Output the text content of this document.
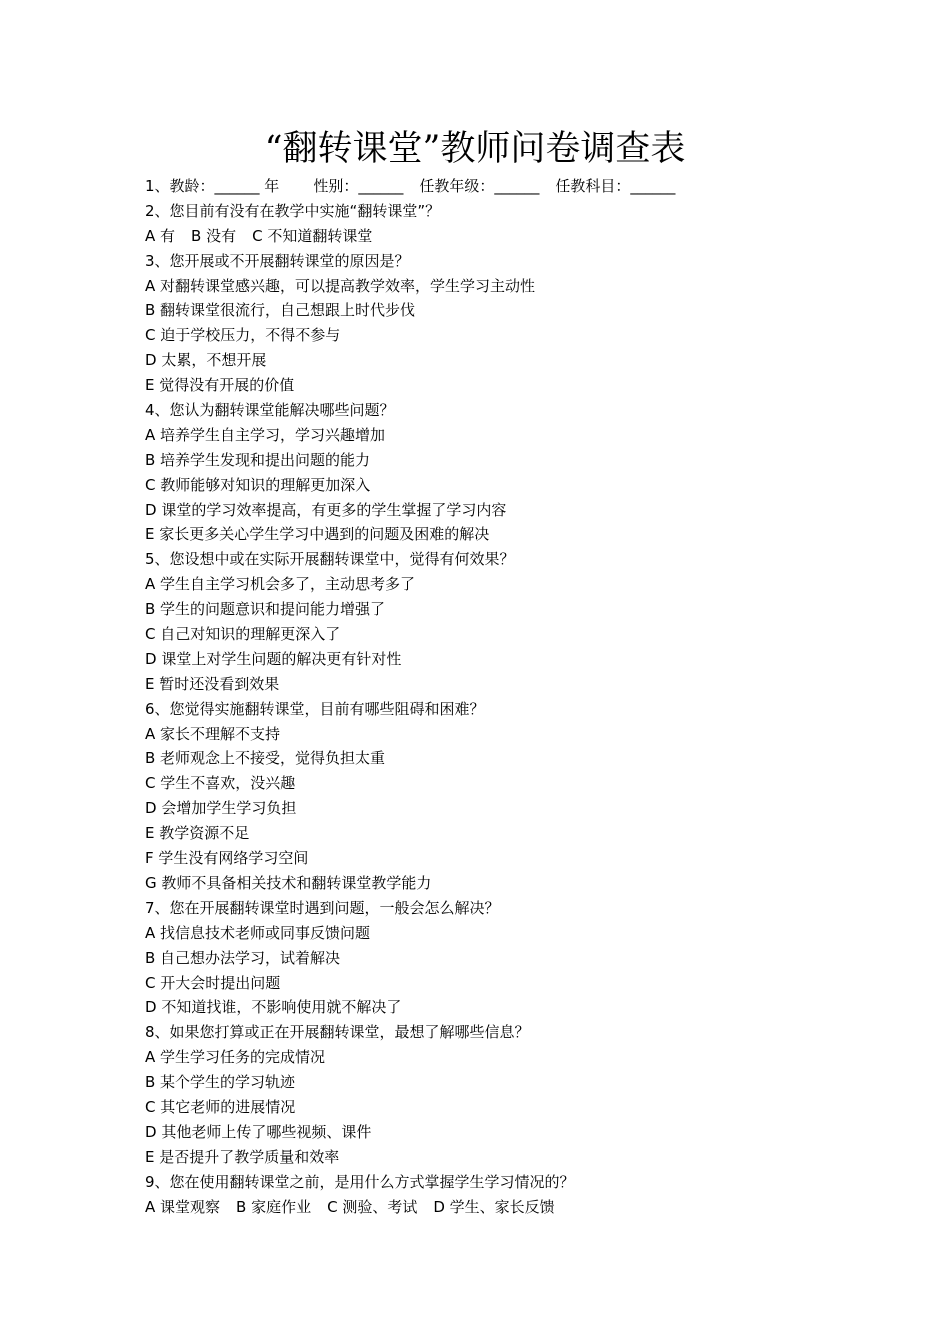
“翻转课堂”教师问卷调查表
1、教龄：______ 年 性别：______ 任教年级：______ 任教科目：______
2、您目前有没有在教学中实施“翻转课堂”？
A 有 B 没有 C 不知道翻转课堂
3、您开展或不开展翻转课堂的原因是？
A 对翻转课堂感兴趣，可以提高教学效率，学生学习主动性
B 翻转课堂很流行，自己想跟上时代步伐
C 迫于学校压力，不得不参与
D 太累，不想开展
E 觉得没有开展的价值
4、您认为翻转课堂能解决哪些问题？
A 培养学生自主学习，学习兴趣增加
B 培养学生发现和提出问题的能力
C 教师能够对知识的理解更加深入
D 课堂的学习效率提高，有更多的学生掌握了学习内容
E 家长更多关心学生学习中遇到的问题及困难的解决
5、您设想中或在实际开展翻转课堂中，觉得有何效果？
A 学生自主学习机会多了，主动思考多了
B 学生的问题意识和提问能力增强了
C 自己对知识的理解更深入了
D 课堂上对学生问题的解决更有针对性
E 暂时还没看到效果
6、您觉得实施翻转课堂，目前有哪些阻碍和困难？
A 家长不理解不支持
B 老师观念上不接受，觉得负担太重
C 学生不喜欢，没兴趣
D 会增加学生学习负担
E 教学资源不足
F 学生没有网络学习空间
G 教师不具备相关技术和翻转课堂教学能力
7、您在开展翻转课堂时遇到问题，一般会怎么解决？
A 找信息技术老师或同事反馈问题
B 自己想办法学习，试着解决
C 开大会时提出问题
D 不知道找谁，不影响使用就不解决了
8、如果您打算或正在开展翻转课堂，最想了解哪些信息？
A 学生学习任务的完成情况
B 某个学生的学习轨迹
C 其它老师的进展情况
D 其他老师上传了哪些视频、课件
E 是否提升了教学质量和效率
9、您在使用翻转课堂之前，是用什么方式掌握学生学习情况的？
A 课堂观察 B 家庭作业 C 测验、考试 D 学生、家长反馈
